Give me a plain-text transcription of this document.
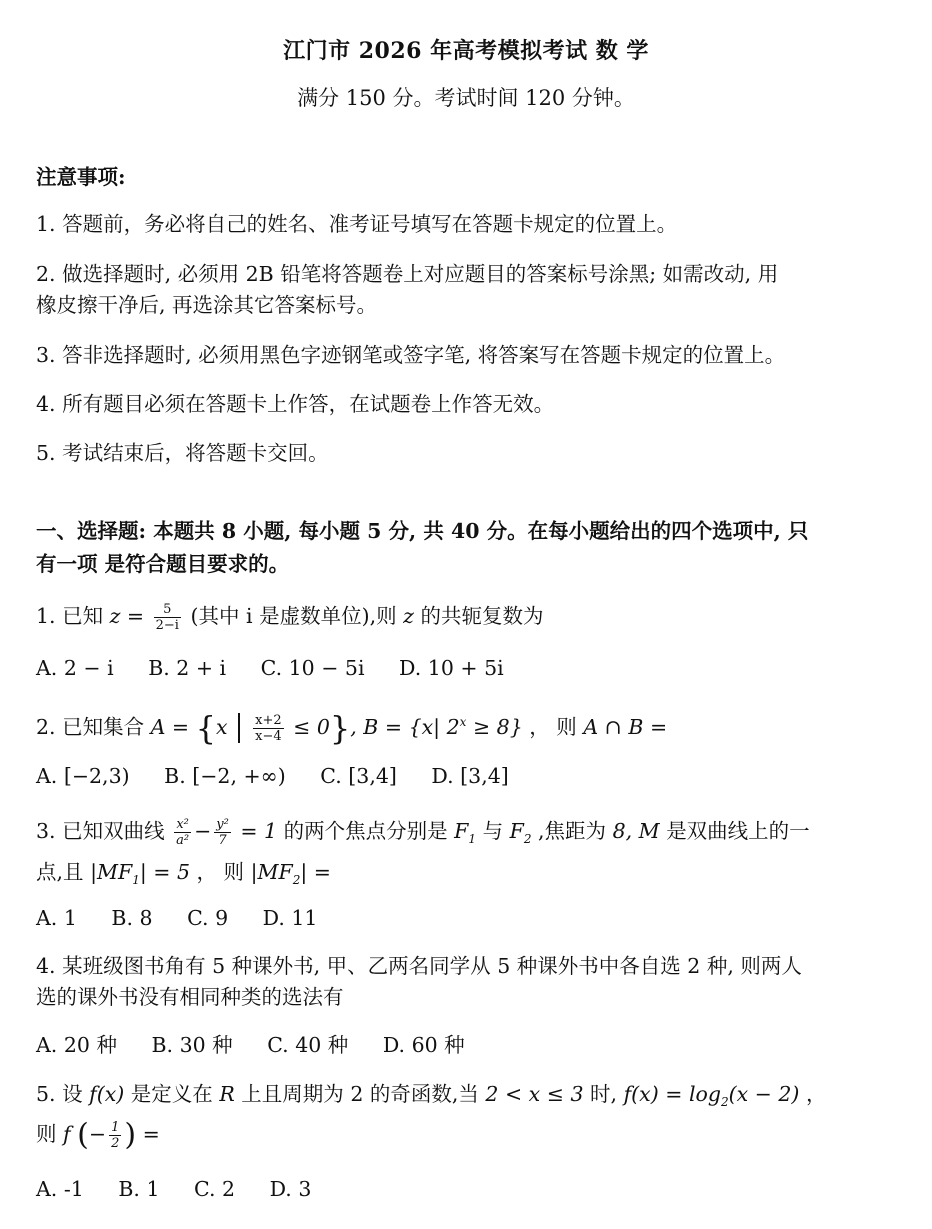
江门市 2026 年高考模拟考试 数 学
满分 150 分。考试时间 120 分钟。
注意事项:
1. 答题前，务必将自己的姓名、准考证号填写在答题卡规定的位置上。
2. 做选择题时, 必须用 2B 铅笔将答题卷上对应题目的答案标号涂黑; 如需改动, 用
橡皮擦干净后, 再选涂其它答案标号。
3. 答非选择题时, 必须用黑色字迹钢笔或签字笔, 将答案写在答题卡规定的位置上。
4. 所有题目必须在答题卡上作答，在试题卷上作答无效。
5. 考试结束后，将答题卡交回。
一、选择题: 本题共 8 小题, 每小题 5 分, 共 40 分。在每小题给出的四个选项中, 只
有一项 是符合题目要求的。
1. 已知 $z = \frac{5}{2-i}$ (其中 i 是虚数单位),则 z 的共轭复数为
A. 2 − i B. 2 + i C. 10 − 5i D. 10 + 5i
2. 已知集合 $A = \{x \frac{x+2}{x-4} \le 0\}$, B = {x| $2^x \ge 8$} ， 则 A ∩ B =
A. [−2,3) B. [−2, +∞) C. [3,4] D. [3,4]
3. 已知双曲线 $\frac{\text{x²}}{\text{a²}} - \frac{\text{y²}}{7} = 1$ 的两个焦点分别是 $F_1$ 与 $F_2$ ,焦距为 8, M 是双曲线上的一
点,且 $|MF_1| = 5$ ， 则 $|MF_2|$ =
A. 1 B. 8 C. 9 D. 11
4. 某班级图书角有 5 种课外书, 甲、乙两名同学从 5 种课外书中各自选 2 种, 则两人
选的课外书没有相同种类的选法有
A. 20 种 B. 30 种 C. 40 种 D. 60 种
5. 设 f(x) 是定义在 R 上且周期为 2 的奇函数,当 2 < x ≤ 3 时, $f(x) = \log_2(x - 2)$ ，
则 f (− $\frac{1}{2}$ ) =
A. -1 B. 1 C. 2 D. 3
